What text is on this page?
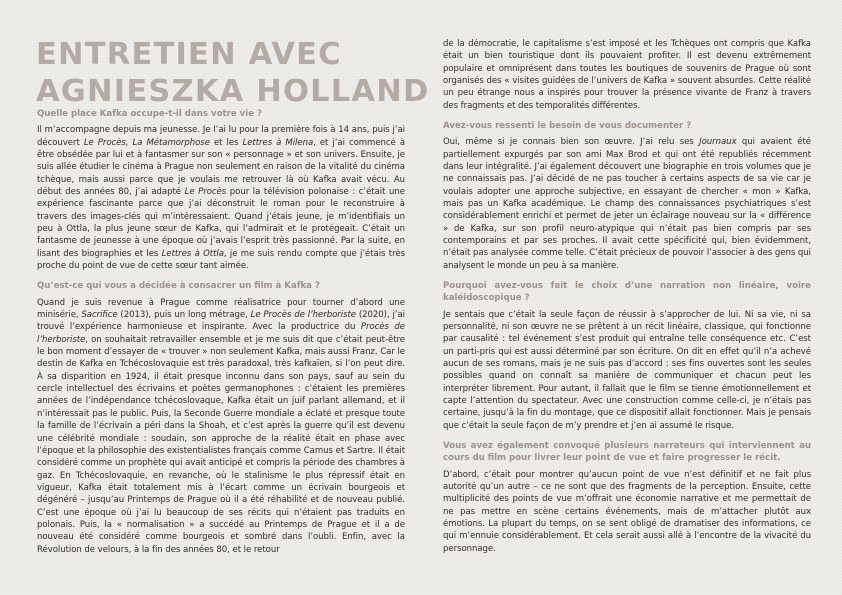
ENTRETIEN AVEC
AGNIESZKA HOLLAND
Quelle place Kafka occupe-t-il dans votre vie ?

Il m’accompagne depuis ma jeunesse. Je l’ai lu pour la première fois à 14 ans, puis j’ai découvert Le Procès, La Métamorphose et les Lettres à Milena, et j’ai commencé à être obsédée par lui et à fantasmer sur son « personnage » et son univers. Ensuite, je suis allée étudier le cinéma à Prague non seulement en raison de la vitalité du cinéma tchèque, mais aussi parce que je voulais me retrouver là où Kafka avait vécu. Au début des années 80, j’ai adapté Le Procès pour la télévision polonaise : c’était une expérience fascinante parce que j’ai déconstruit le roman pour le reconstruire à travers des images-clés qui m’intéressaient. Quand j’étais jeune, je m’identifiais un peu à Ottla, la plus jeune sœur de Kafka, qui l’admirait et le protégeait. C’était un fantasme de jeunesse à une époque où j’avais l’esprit très passionné. Par la suite, en lisant des biographies et les Lettres à Ottla, je me suis rendu compte que j’étais très proche du point de vue de cette sœur tant aimée.

Qu’est-ce qui vous a décidée à consacrer un film à Kafka ?

Quand je suis revenue à Prague comme réalisatrice pour tourner d’abord une minisérie, Sacrifice (2013), puis un long métrage, Le Procès de l’herboriste (2020), j’ai trouvé l’expérience harmonieuse et inspirante. Avec la productrice du Procès de l’herboriste, on souhaitait retravailler ensemble et je me suis dit que c’était peut-être le bon moment d’essayer de « trouver » non seulement Kafka, mais aussi Franz. Car le destin de Kafka en Tchécoslovaquie est très paradoxal, très kafkaïen, si l’on peut dire. À sa disparition en 1924, il était presque inconnu dans son pays, sauf au sein du cercle intellectuel des écrivains et poètes germanophones : c’étaient les premières années de l’indépendance tchécoslovaque, Kafka était un juif parlant allemand, et il n’intéressait pas le public. Puis, la Seconde Guerre mondiale a éclaté et presque toute la famille de l’écrivain a péri dans la Shoah, et c’est après la guerre qu’il est devenu une célébrité mondiale : soudain, son approche de la réalité était en phase avec l’époque et la philosophie des existentialistes français comme Camus et Sartre. Il était considéré comme un prophète qui avait anticipé et compris la période des chambres à gaz. En Tchécoslovaquie, en revanche, où le stalinisme le plus répressif était en vigueur, Kafka était totalement mis à l’écart comme un écrivain bourgeois et dégénéré – jusqu’au Printemps de Prague où il a été réhabilité et de nouveau publié. C’est une époque où j’ai lu beaucoup de ses récits qui n’étaient pas traduits en polonais. Puis, la « normalisation » a succédé au Printemps de Prague et il a de nouveau été considéré comme bourgeois et sombré dans l’oubli. Enfin, avec la Révolution de velours, à la fin des années 80, et le retour

de la démocratie, le capitalisme s’est imposé et les Tchèques ont compris que Kafka était un bien touristique dont ils pouvaient profiter. Il est devenu extrêmement populaire et omniprésent dans toutes les boutiques de souvenirs de Prague où sont organisés des « visites guidées de l’univers de Kafka » souvent absurdes. Cette réalité un peu étrange nous a inspirés pour trouver la présence vivante de Franz à travers des fragments et des temporalités différentes.

Avez-vous ressenti le besoin de vous documenter ?

Oui, même si je connais bien son œuvre. J’ai relu ses Journaux qui avaient été partiellement expurgés par son ami Max Brod et qui ont été republiés récemment dans leur intégralité. J’ai également découvert une biographie en trois volumes que je ne connaissais pas. J’ai décidé de ne pas toucher à certains aspects de sa vie car je voulais adopter une approche subjective, en essayant de chercher « mon » Kafka, mais pas un Kafka académique. Le champ des connaissances psychiatriques s’est considérablement enrichi et permet de jeter un éclairage nouveau sur la « différence » de Kafka, sur son profil neuro-atypique qui n’était pas bien compris par ses contemporains et par ses proches. Il avait cette spécificité qui, bien évidemment, n’était pas analysée comme telle. C’était précieux de pouvoir l’associer à des gens qui analysent le monde un peu à sa manière.

Pourquoi avez-vous fait le choix d’une narration non linéaire, voire kaléidoscopique ?

Je sentais que c’était la seule façon de réussir à s’approcher de lui. Ni sa vie, ni sa personnalité, ni son œuvre ne se prêtent à un récit linéaire, classique, qui fonctionne par causalité : tel événement s’est produit qui entraîne telle conséquence etc. C’est un parti-pris qui est aussi déterminé par son écriture. On dit en effet qu’il n’a achevé aucun de ses romans, mais je ne suis pas d’accord : ses fins ouvertes sont les seules possibles quand on connaît sa manière de communiquer et chacun peut les interpréter librement. Pour autant, il fallait que le film se tienne émotionnellement et capte l’attention du spectateur. Avec une construction comme celle-ci, je n’étais pas certaine, jusqu’à la fin du montage, que ce dispositif allait fonctionner. Mais je pensais que c’était la seule façon de m’y prendre et j’en ai assumé le risque.

Vous avez également convoqué plusieurs narrateurs qui interviennent au cours du film pour livrer leur point de vue et faire progresser le récit.

D’abord, c’était pour montrer qu’aucun point de vue n’est définitif et ne fait plus autorité qu’un autre – ce ne sont que des fragments de la perception. Ensuite, cette multiplicité des points de vue m’offrait une économie narrative et me permettait de ne pas mettre en scène certains événements, mais de m’attacher plutôt aux émotions. La plupart du temps, on se sent obligé de dramatiser des informations, ce qui m’ennuie considérablement. Et cela serait aussi allé à l’encontre de la vivacité du personnage.
